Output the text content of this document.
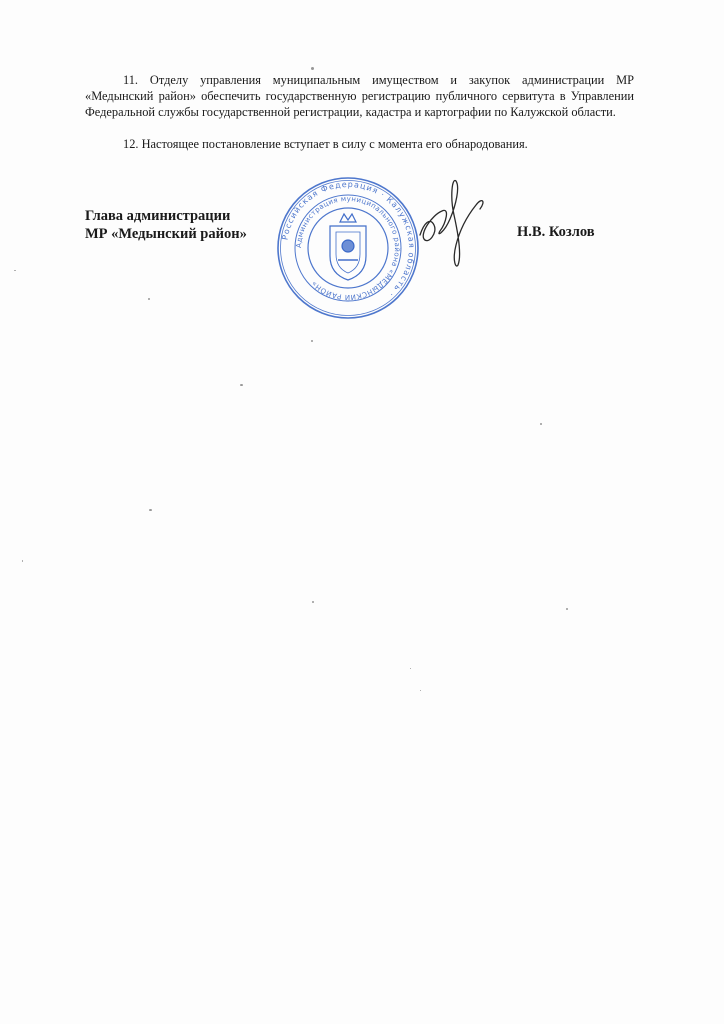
11. Отделу управления муниципальным имуществом и закупок администрации МР «Медынский район» обеспечить государственную регистрацию публичного сервитута в Управлении Федеральной службы государственной регистрации, кадастра и картографии по Калужской области.

12. Настоящее постановление вступает в силу с момента его обнародования.

Глава администрации
МР «Медынский район»	Российская Федерация · Калужская область ·
Администрация муниципального района «МЕДЫНСКИЙ РАЙОН»
Н.В. Козлов
